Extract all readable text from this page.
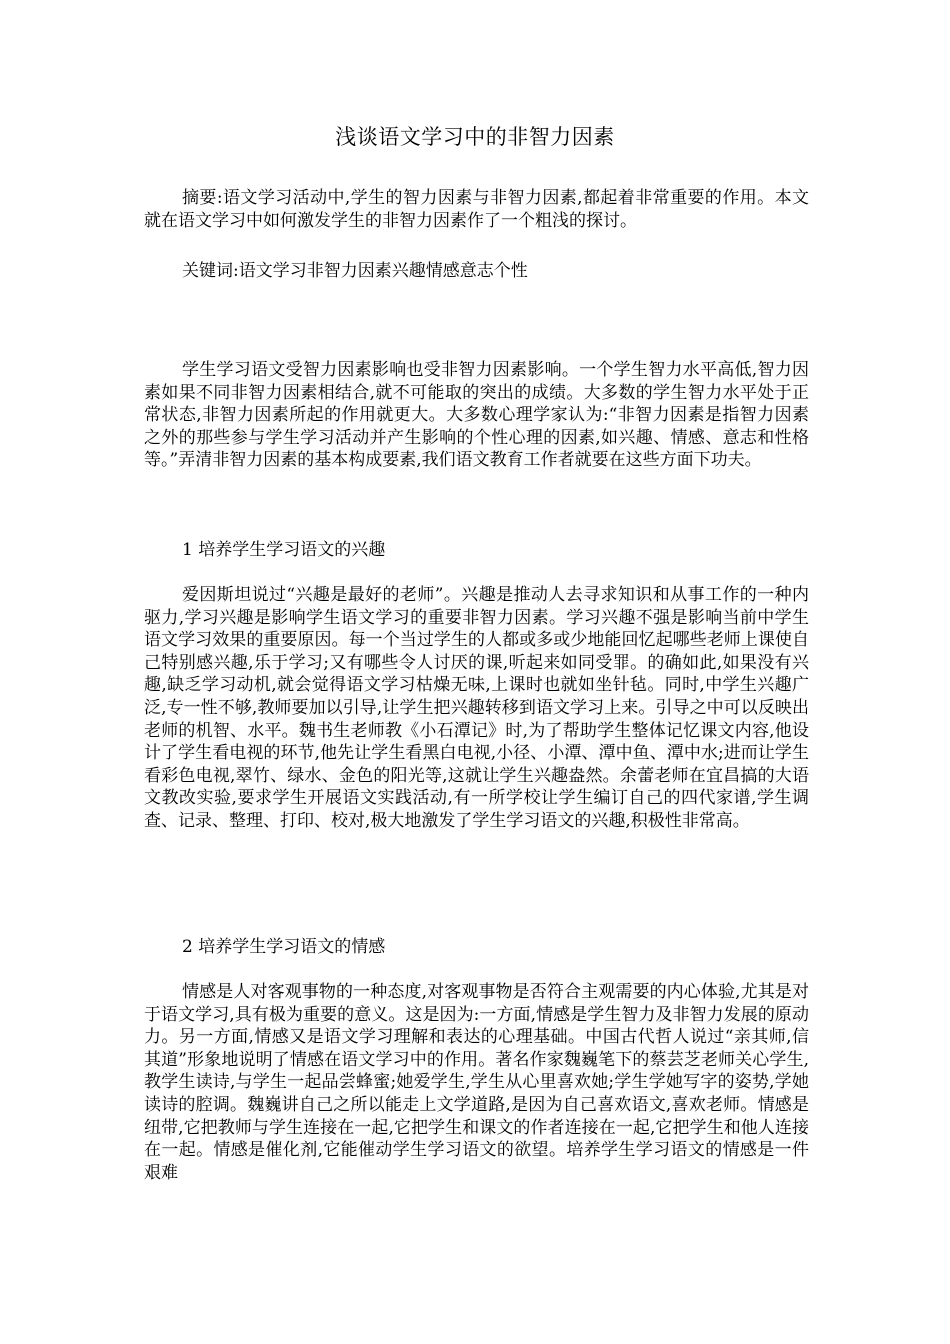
浅谈语文学习中的非智力因素

摘要:语文学习活动中,学生的智力因素与非智力因素,都起着非常重要的作用。本文就在语文学习中如何激发学生的非智力因素作了一个粗浅的探讨。

关键词:语文学习非智力因素兴趣情感意志个性

学生学习语文受智力因素影响也受非智力因素影响。一个学生智力水平高低,智力因素如果不同非智力因素相结合,就不可能取的突出的成绩。大多数的学生智力水平处于正常状态,非智力因素所起的作用就更大。大多数心理学家认为:“非智力因素是指智力因素之外的那些参与学生学习活动并产生影响的个性心理的因素,如兴趣、情感、意志和性格等。”弄清非智力因素的基本构成要素,我们语文教育工作者就要在这些方面下功夫。

1 培养学生学习语文的兴趣

爱因斯坦说过“兴趣是最好的老师”。兴趣是推动人去寻求知识和从事工作的一种内驱力,学习兴趣是影响学生语文学习的重要非智力因素。学习兴趣不强是影响当前中学生语文学习效果的重要原因。每一个当过学生的人都或多或少地能回忆起哪些老师上课使自己特别感兴趣,乐于学习;又有哪些令人讨厌的课,听起来如同受罪。的确如此,如果没有兴趣,缺乏学习动机,就会觉得语文学习枯燥无味,上课时也就如坐针毡。同时,中学生兴趣广泛,专一性不够,教师要加以引导,让学生把兴趣转移到语文学习上来。引导之中可以反映出老师的机智、水平。魏书生老师教《小石潭记》时,为了帮助学生整体记忆课文内容,他设计了学生看电视的环节,他先让学生看黑白电视,小径、小潭、潭中鱼、潭中水;进而让学生看彩色电视,翠竹、绿水、金色的阳光等,这就让学生兴趣盎然。余蕾老师在宜昌搞的大语文教改实验,要求学生开展语文实践活动,有一所学校让学生编订自己的四代家谱,学生调查、记录、整理、打印、校对,极大地激发了学生学习语文的兴趣,积极性非常高。

2 培养学生学习语文的情感

情感是人对客观事物的一种态度,对客观事物是否符合主观需要的内心体验,尤其是对于语文学习,具有极为重要的意义。这是因为:一方面,情感是学生智力及非智力发展的原动力。另一方面,情感又是语文学习理解和表达的心理基础。中国古代哲人说过“亲其师,信其道”形象地说明了情感在语文学习中的作用。著名作家魏巍笔下的蔡芸芝老师关心学生,教学生读诗,与学生一起品尝蜂蜜;她爱学生,学生从心里喜欢她;学生学她写字的姿势,学她读诗的腔调。魏巍讲自己之所以能走上文学道路,是因为自己喜欢语文,喜欢老师。情感是纽带,它把教师与学生连接在一起,它把学生和课文的作者连接在一起,它把学生和他人连接在一起。情感是催化剂,它能催动学生学习语文的欲望。培养学生学习语文的情感是一件艰难
